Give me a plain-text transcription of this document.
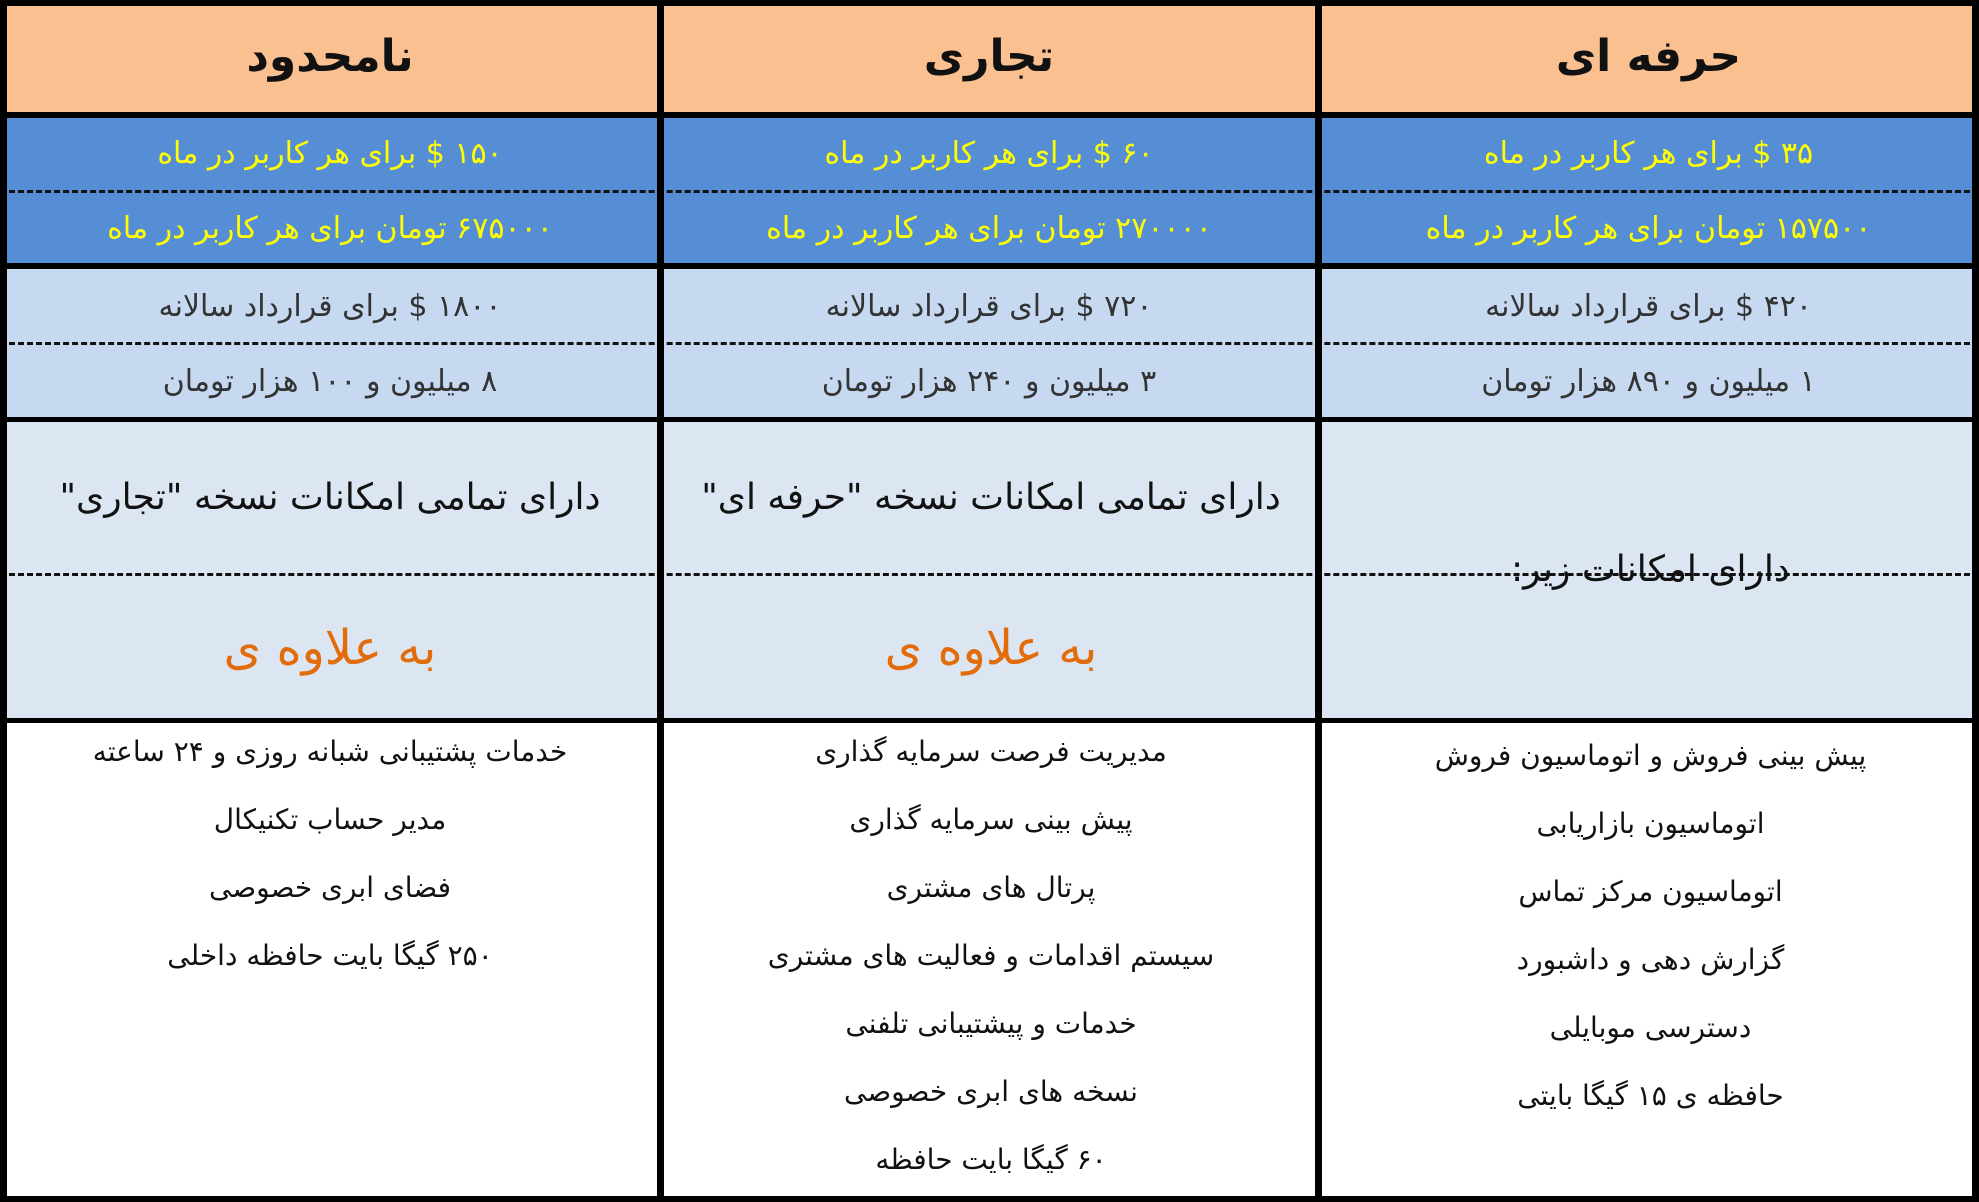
حرفه ای
تجاری
نامحدود
۳۵ $ برای هر کاربر در ماه
۶۰ $ برای هر کاربر در ماه
۱۵۰ $ برای هر کاربر در ماه
۱۵۷۵۰۰ تومان برای هر کاربر در ماه
۲۷۰۰۰۰ تومان برای هر کاربر در ماه
۶۷۵۰۰۰ تومان برای هر کاربر در ماه
۴۲۰ $ برای قرارداد سالانه
۷۲۰ $ برای قرارداد سالانه
۱۸۰۰ $ برای قرارداد سالانه
۱ میلیون و ۸۹۰ هزار تومان
۳ میلیون و ۲۴۰ هزار تومان
۸ میلیون و ۱۰۰ هزار تومان
دارای امکانات زیر:
دارای تمامی امکانات نسخه "حرفه ای"
دارای تمامی امکانات نسخه "تجاری"
به علاوه ی
به علاوه ی
پیش بینی فروش و اتوماسیون فروش
اتوماسیون بازاریابی
اتوماسیون مرکز تماس
گزارش دهی و داشبورد
دسترسی موبایلی
حافظه ی ۱۵ گیگا بایتی
مدیریت فرصت سرمایه گذاری
پیش بینی سرمایه گذاری
پرتال های مشتری
سیستم اقدامات و فعالیت های مشتری
خدمات و پیشتیبانی تلفنی
نسخه های ابری خصوصی
۶۰ گیگا بایت حافظه
خدمات پشتیبانی شبانه روزی و ۲۴ ساعته
مدیر حساب تکنیکال
فضای ابری خصوصی
۲۵۰ گیگا بایت حافظه داخلی
